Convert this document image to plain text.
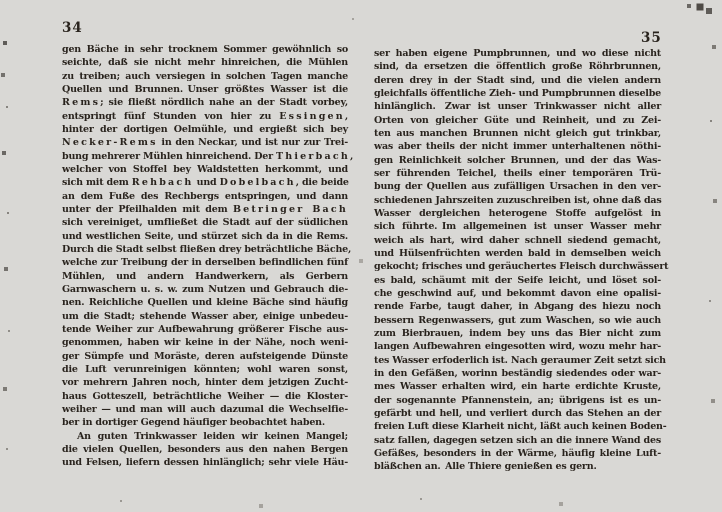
34
35
gen Bäche in sehr trocknem Sommer gewöhnlich so
seichte, daß sie nicht mehr hinreichen, die Mühlen
zu treiben; auch versiegen in solchen Tagen manche
Quellen und Brunnen. Unser größtes Wasser ist die
Rems; sie fließt nördlich nahe an der Stadt vorbey,
entspringt fünf Stunden von hier zu Essingen,
hinter der dortigen Oelmühle, und ergießt sich bey
Necker-Rems in den Neckar, und ist nur zur Trei-
bung mehrerer Mühlen hinreichend. Der Thierbach,
welcher von Stoffel bey Waldstetten herkommt, und
sich mit dem Rehbach und Dobelbach, die beide
an dem Fuße des Rechbergs entspringen, und dann
unter der Pfeilhalden mit dem Betringer Bach
sich vereiniget, umfließet die Stadt auf der südlichen
und westlichen Seite, und stürzet sich da in die Rems.
Durch die Stadt selbst fließen drey beträchtliche Bäche,
welche zur Treibung der in derselben befindlichen fünf
Mühlen, und andern Handwerkern, als Gerbern
Garnwaschern u. s. w. zum Nutzen und Gebrauch die-
nen. Reichliche Quellen und kleine Bäche sind häufig
um die Stadt; stehende Wasser aber, einige unbedeu-
tende Weiher zur Aufbewahrung größerer Fische aus-
genommen, haben wir keine in der Nähe, noch weni-
ger Sümpfe und Moräste, deren aufsteigende Dünste
die Luft verunreinigen könnten; wohl waren sonst,
vor mehrern Jahren noch, hinter dem jetzigen Zucht-
haus Gotteszell, beträchtliche Weiher — die Kloster-
weiher — und man will auch dazumal die Wechselfie-
ber in dortiger Gegend häufiger beobachtet haben.
An guten Trinkwasser leiden wir keinen Mangel;
die vielen Quellen, besonders aus den nahen Bergen
und Felsen, liefern dessen hinlänglich; sehr viele Häu-
ser haben eigene Pumpbrunnen, und wo diese nicht
sind, da ersetzen die öffentlich große Röhrbrunnen,
deren drey in der Stadt sind, und die vielen andern
gleichfalls öffentliche Zieh- und Pumpbrunnen dieselbe
hinlänglich. Zwar ist unser Trinkwasser nicht aller
Orten von gleicher Güte und Reinheit, und zu Zei-
ten aus manchen Brunnen nicht gleich gut trinkbar,
was aber theils der nicht immer unterhaltenen nöthi-
gen Reinlichkeit solcher Brunnen, und der das Was-
ser führenden Teichel, theils einer temporären Trü-
bung der Quellen aus zufälligen Ursachen in den ver-
schiedenen Jahrszeiten zuzuschreiben ist, ohne daß das
Wasser dergleichen heterogene Stoffe aufgelöst in
sich führte. Im allgemeinen ist unser Wasser mehr
weich als hart, wird daher schnell siedend gemacht,
und Hülsenfrüchten werden bald in demselben weich
gekocht; frisches und geräuchertes Fleisch durchwässert
es bald, schäumt mit der Seife leicht, und löset sol-
che geschwind auf, und bekommt davon eine opalisi-
rende Farbe, taugt daher, in Abgang des hiezu noch
bessern Regenwassers, gut zum Waschen, so wie auch
zum Bierbrauen, indem bey uns das Bier nicht zum
langen Aufbewahren eingesotten wird, wozu mehr har-
tes Wasser erfoderlich ist. Nach geraumer Zeit setzt sich
in den Gefäßen, worinn beständig siedendes oder war-
mes Wasser erhalten wird, ein harte erdichte Kruste,
der sogenannte Pfannenstein, an; übrigens ist es un-
gefärbt und hell, und verliert durch das Stehen an der
freien Luft diese Klarheit nicht, läßt auch keinen Boden-
satz fallen, dagegen setzen sich an die innere Wand des
Gefäßes, besonders in der Wärme, häufig kleine Luft-
bläßchen an. Alle Thiere genießen es gern.
